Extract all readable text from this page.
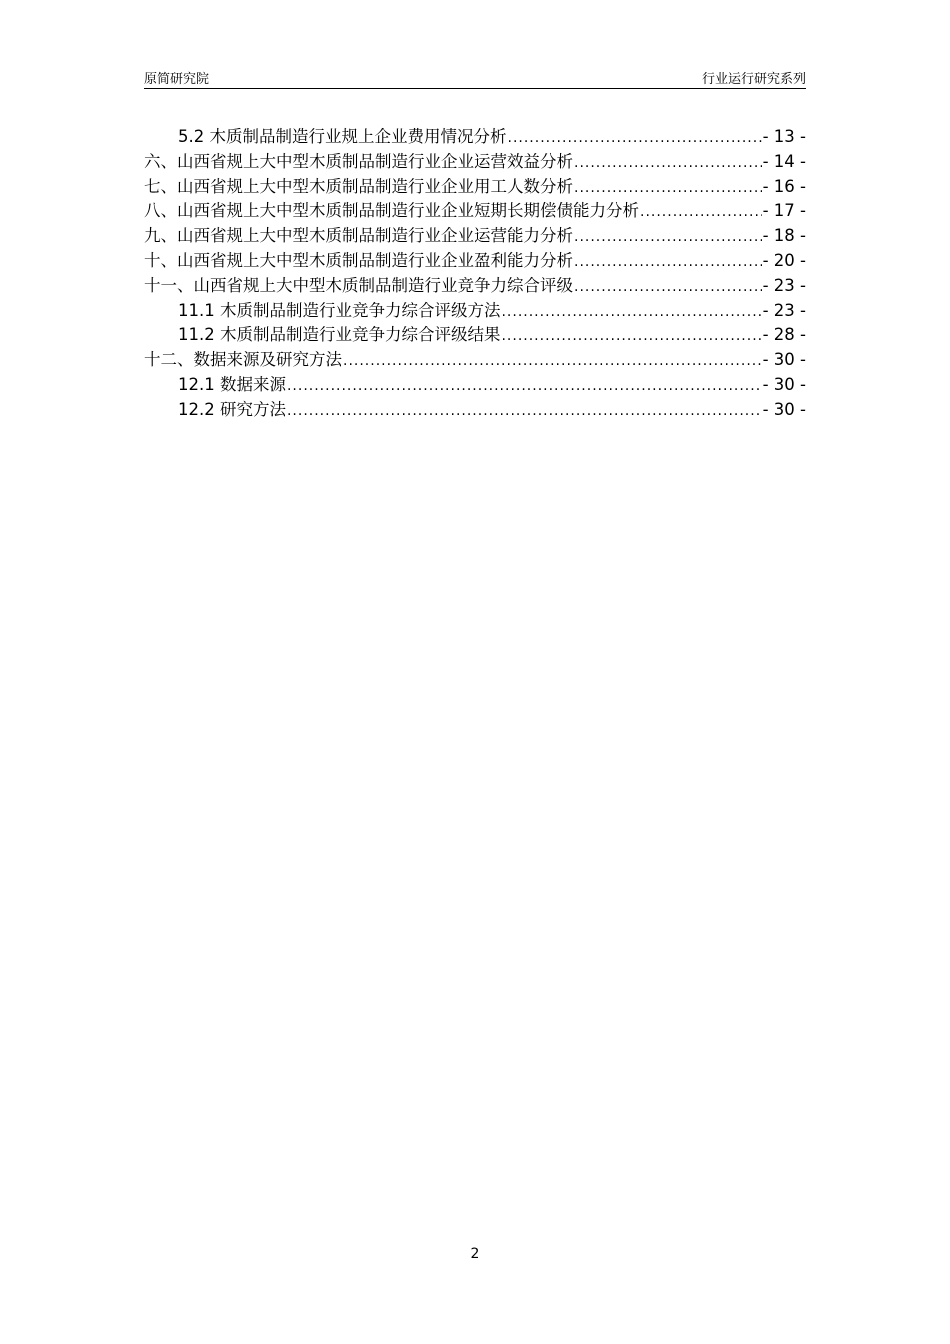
原简研究院	行业运行研究系列
5.2 木质制品制造行业规上企业费用情况分析 .....	- 13 -
六、山西省规上大中型木质制品制造行业企业运营效益分析 .....	- 14 -
七、山西省规上大中型木质制品制造行业企业用工人数分析 .....	- 16 -
八、山西省规上大中型木质制品制造行业企业短期长期偿债能力分析 .....	- 17 -
九、山西省规上大中型木质制品制造行业企业运营能力分析 .....	- 18 -
十、山西省规上大中型木质制品制造行业企业盈利能力分析 .....	- 20 -
十一、山西省规上大中型木质制品制造行业竞争力综合评级 .....	- 23 -
11.1 木质制品制造行业竞争力综合评级方法 .....	- 23 -
11.2 木质制品制造行业竞争力综合评级结果 .....	- 28 -
十二、数据来源及研究方法 .....	- 30 -
12.1 数据来源 .....	- 30 -
12.2 研究方法 .....	- 30 -
2
